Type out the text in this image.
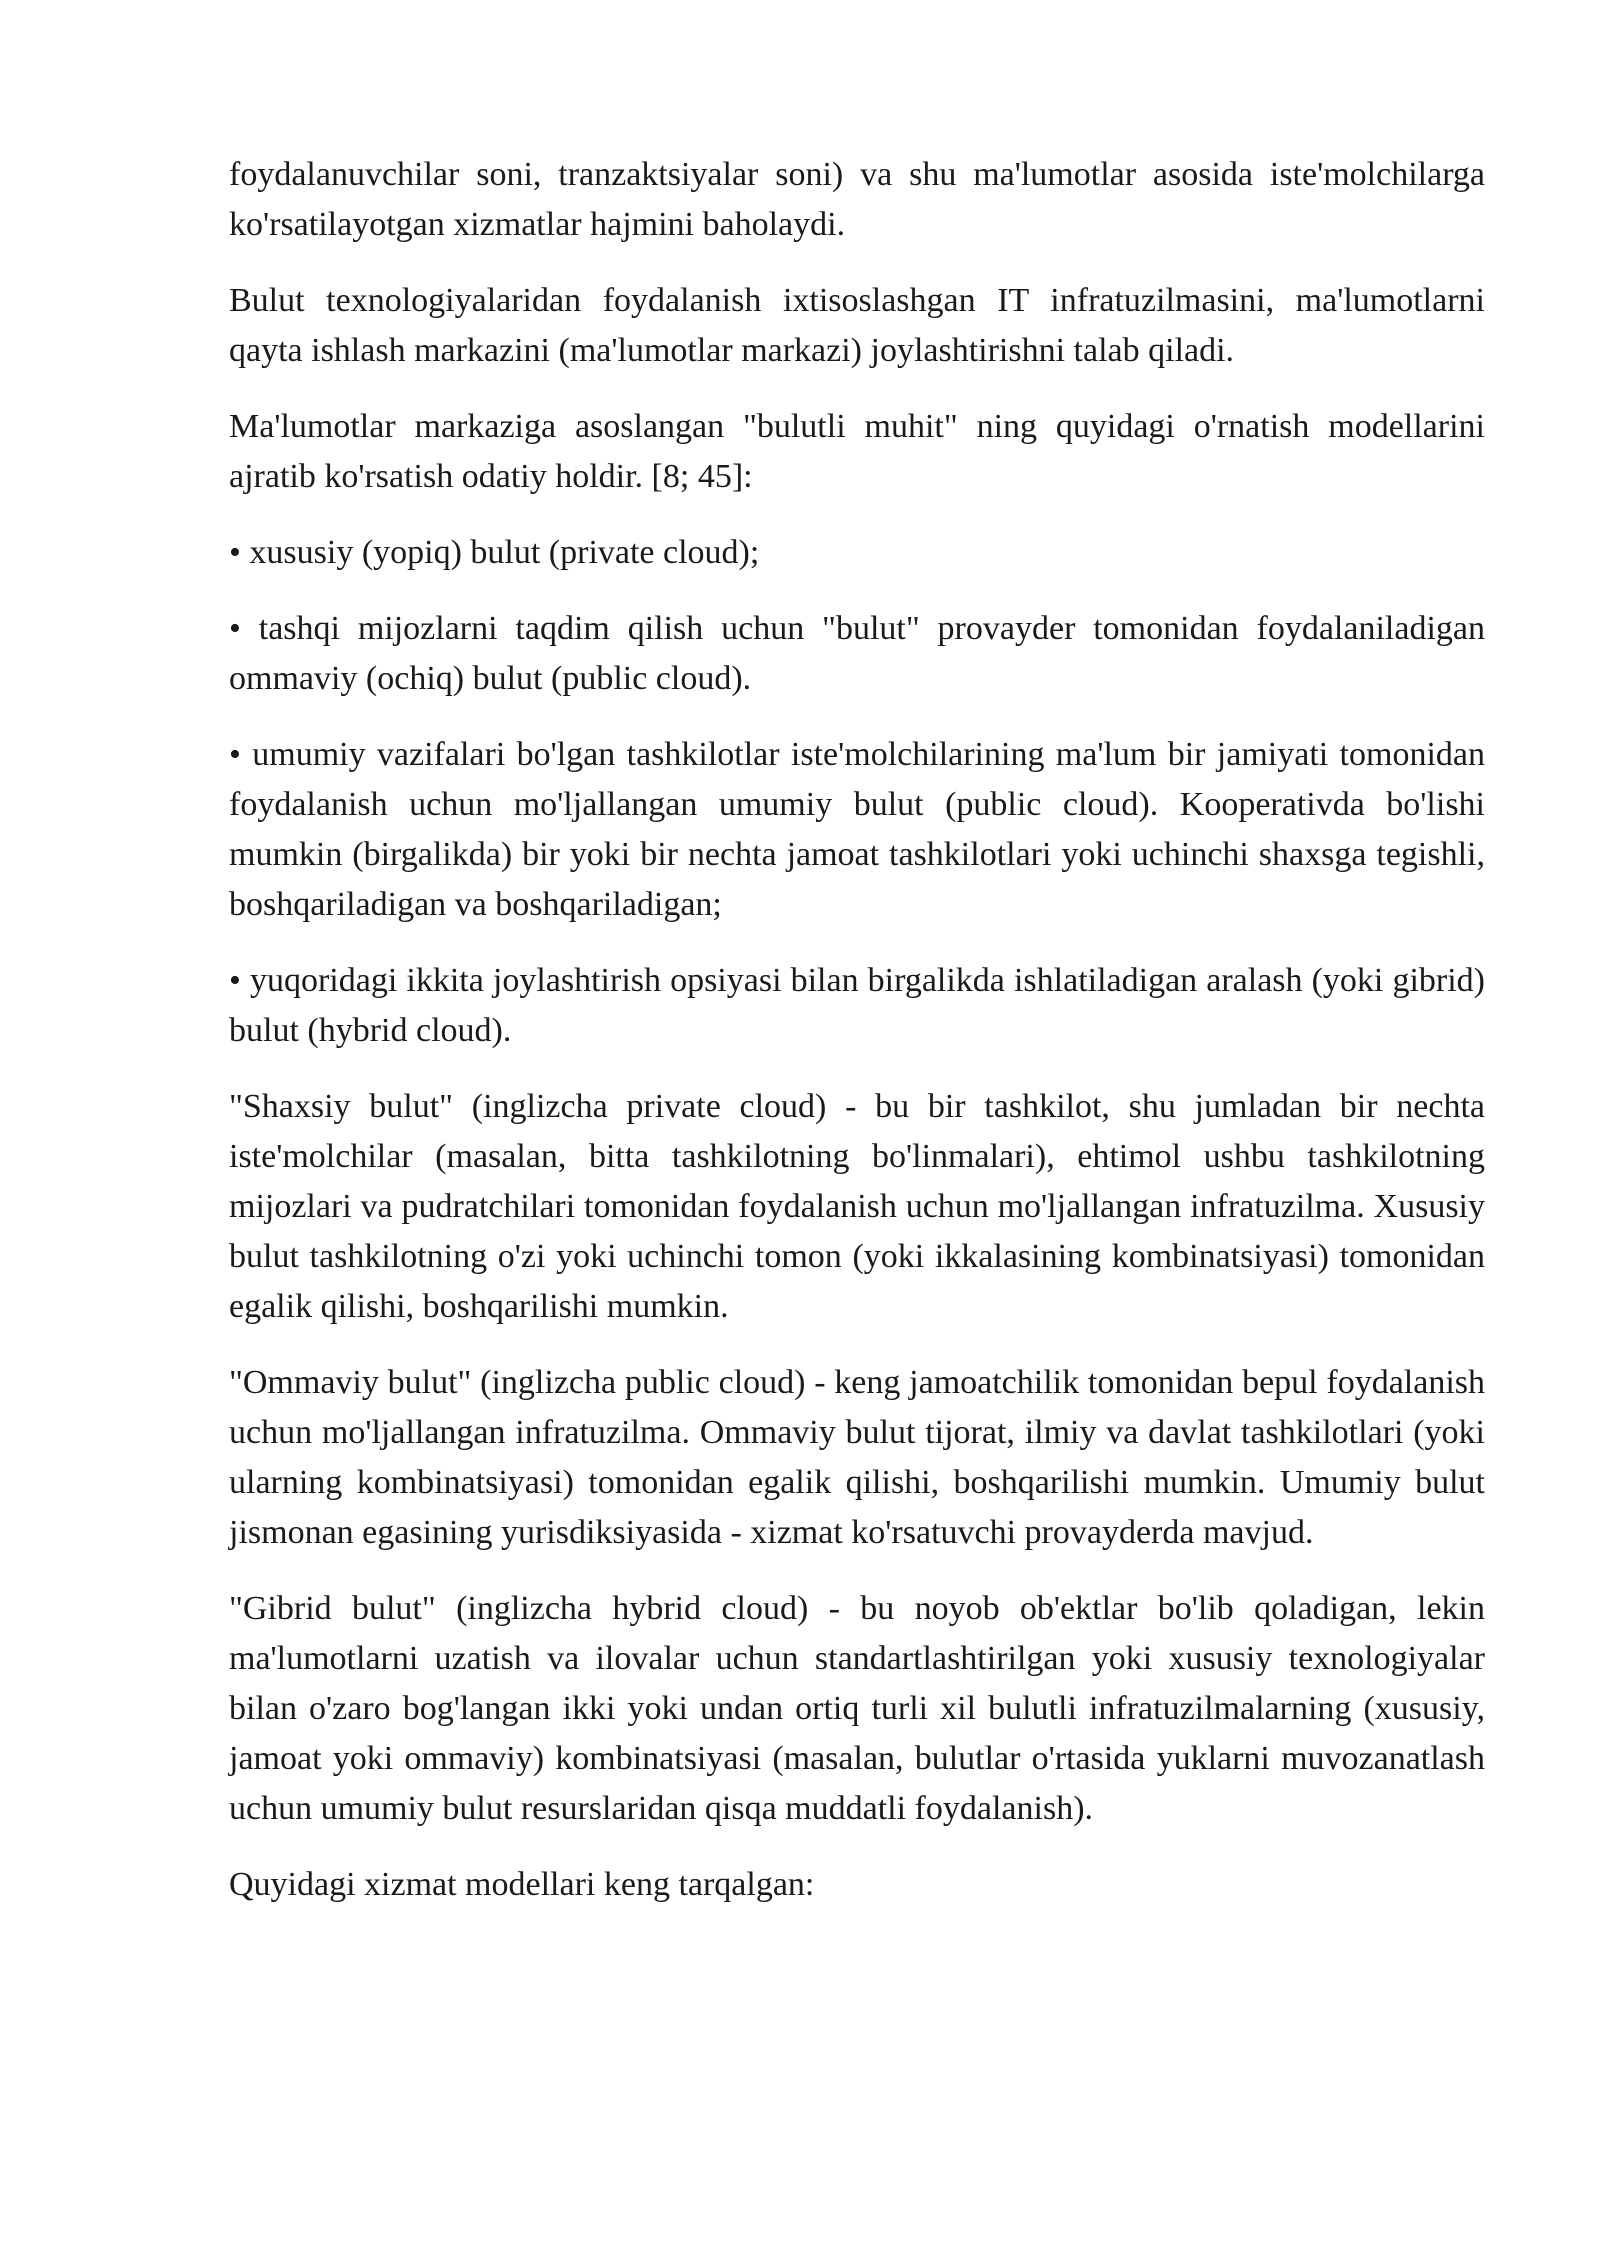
foydalanuvchilar soni, tranzaktsiyalar soni) va shu ma'lumotlar asosida iste'molchilarga ko'rsatilayotgan xizmatlar hajmini baholaydi.

Bulut texnologiyalaridan foydalanish ixtisoslashgan IT infratuzilmasini, ma'lumotlarni qayta ishlash markazini (ma'lumotlar markazi) joylashtirishni talab qiladi.

Ma'lumotlar markaziga asoslangan "bulutli muhit" ning quyidagi o'rnatish modellarini ajratib ko'rsatish odatiy holdir. [8; 45]:

• xususiy (yopiq) bulut (private cloud);

• tashqi mijozlarni taqdim qilish uchun "bulut" provayder tomonidan foydalaniladigan ommaviy (ochiq) bulut (public cloud).

• umumiy vazifalari bo'lgan tashkilotlar iste'molchilarining ma'lum bir jamiyati tomonidan foydalanish uchun mo'ljallangan umumiy bulut (public cloud). Kooperativda bo'lishi mumkin (birgalikda) bir yoki bir nechta jamoat tashkilotlari yoki uchinchi shaxsga tegishli, boshqariladigan va boshqariladigan;

• yuqoridagi ikkita joylashtirish opsiyasi bilan birgalikda ishlatiladigan aralash (yoki gibrid) bulut (hybrid cloud).

"Shaxsiy bulut" (inglizcha private cloud) - bu bir tashkilot, shu jumladan bir nechta iste'molchilar (masalan, bitta tashkilotning bo'linmalari), ehtimol ushbu tashkilotning mijozlari va pudratchilari tomonidan foydalanish uchun mo'ljallangan infratuzilma. Xususiy bulut tashkilotning o'zi yoki uchinchi tomon (yoki ikkalasining kombinatsiyasi) tomonidan egalik qilishi, boshqarilishi mumkin.

"Ommaviy bulut" (inglizcha public cloud) - keng jamoatchilik tomonidan bepul foydalanish uchun mo'ljallangan infratuzilma. Ommaviy bulut tijorat, ilmiy va davlat tashkilotlari (yoki ularning kombinatsiyasi) tomonidan egalik qilishi, boshqarilishi mumkin. Umumiy bulut jismonan egasining yurisdiksiyasida - xizmat ko'rsatuvchi provayderda mavjud.

"Gibrid bulut" (inglizcha hybrid cloud) - bu noyob ob'ektlar bo'lib qoladigan, lekin ma'lumotlarni uzatish va ilovalar uchun standartlashtirilgan yoki xususiy texnologiyalar bilan o'zaro bog'langan ikki yoki undan ortiq turli xil bulutli infratuzilmalarning (xususiy, jamoat yoki ommaviy) kombinatsiyasi (masalan, bulutlar o'rtasida yuklarni muvozanatlash uchun umumiy bulut resurslaridan qisqa muddatli foydalanish).

Quyidagi xizmat modellari keng tarqalgan:
